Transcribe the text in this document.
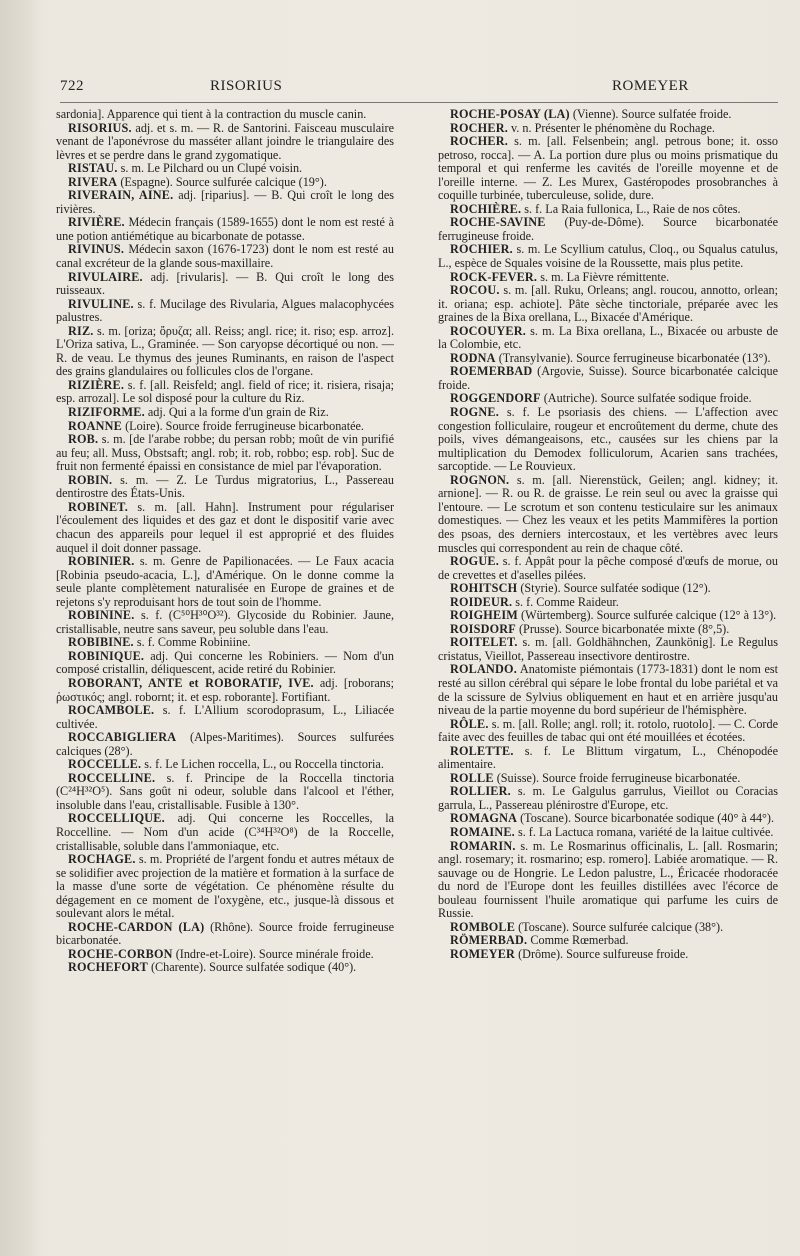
722	RISORIUS	ROMEYER

sardonia]. Apparence qui tient à la contraction du muscle canin.

RISORIUS. adj. et s. m. — R. de Santorini. Faisceau musculaire venant de l'aponévrose du masséter allant joindre le triangulaire des lèvres et se perdre dans le grand zygomatique.

RISTAU. s. m. Le Pilchard ou un Clupé voisin.

RIVERA (Espagne). Source sulfurée calcique (19°).

RIVERAIN, AINE. adj. [riparius]. — B. Qui croît le long des rivières.

RIVIÈRE. Médecin français (1589-1655) dont le nom est resté à une potion antiémétique au bicarbonate de potasse.

RIVINUS. Médecin saxon (1676-1723) dont le nom est resté au canal excréteur de la glande sous-maxillaire.

RIVULAIRE. adj. [rivularis]. — B. Qui croît le long des ruisseaux.

RIVULINE. s. f. Mucilage des Rivularia, Algues malacophycées palustres.

RIZ. s. m. [oriza; ὄρυζα; all. Reiss; angl. rice; it. riso; esp. arroz]. L'Oriza sativa, L., Graminée. — Son caryopse décortiqué ou non. — R. de veau. Le thymus des jeunes Ruminants, en raison de l'aspect des grains glandulaires ou follicules clos de l'organe.

RIZIÈRE. s. f. [all. Reisfeld; angl. field of rice; it. risiera, risaja; esp. arrozal]. Le sol disposé pour la culture du Riz.

RIZIFORME. adj. Qui a la forme d'un grain de Riz.

ROANNE (Loire). Source froide ferrugineuse bicarbonatée.

ROB. s. m. [de l'arabe robbe; du persan robb; moût de vin purifié au feu; all. Muss, Obstsaft; angl. rob; it. rob, robbo; esp. rob]. Suc de fruit non fermenté épaissi en consistance de miel par l'évaporation.

ROBIN. s. m. — Z. Le Turdus migratorius, L., Passereau dentirostre des États-Unis.

ROBINET. s. m. [all. Hahn]. Instrument pour régulariser l'écoulement des liquides et des gaz et dont le dispositif varie avec chacun des appareils pour lequel il est approprié et des fluides auquel il doit donner passage.

ROBINIER. s. m. Genre de Papilionacées. — Le Faux acacia [Robinia pseudo-acacia, L.], d'Amérique. On le donne comme la seule plante complètement naturalisée en Europe de graines et de rejetons s'y reproduisant hors de tout soin de l'homme.

ROBININE. s. f. (C⁵⁰H³⁰O³²). Glycoside du Robinier. Jaune, cristallisable, neutre sans saveur, peu soluble dans l'eau.

ROBIBINE. s. f. Comme Robiniine.

ROBINIQUE. adj. Qui concerne les Robiniers. — Nom d'un composé cristallin, déliquescent, acide retiré du Robinier.

ROBORANT, ANTE et ROBORATIF, IVE. adj. [roborans; ῥωστικός; angl. robornt; it. et esp. roborante]. Fortifiant.

ROCAMBOLE. s. f. L'Allium scorodoprasum, L., Liliacée cultivée.

ROCCABIGLIERA (Alpes-Maritimes). Sources sulfurées calciques (28°).

ROCCELLE. s. f. Le Lichen roccella, L., ou Roccella tinctoria.

ROCCELLINE. s. f. Principe de la Roccella tinctoria (C²⁴H³²O⁵). Sans goût ni odeur, soluble dans l'alcool et l'éther, insoluble dans l'eau, cristallisable. Fusible à 130°.

ROCCELLIQUE. adj. Qui concerne les Roccelles, la Roccelline. — Nom d'un acide (C³⁴H³²O⁸) de la Roccelle, cristallisable, soluble dans l'ammoniaque, etc.

ROCHAGE. s. m. Propriété de l'argent fondu et autres métaux de se solidifier avec projection de la matière et formation à la surface de la masse d'une sorte de végétation. Ce phénomène résulte du dégagement en ce moment de l'oxygène, etc., jusque-là dissous et soulevant alors le métal.

ROCHE-CARDON (LA) (Rhône). Source froide ferrugineuse bicarbonatée.

ROCHE-CORBON (Indre-et-Loire). Source minérale froide.

ROCHEFORT (Charente). Source sulfatée sodique (40°).

ROCHE-POSAY (LA) (Vienne). Source sulfatée froide.

ROCHER. v. n. Présenter le phénomène du Rochage.

ROCHER. s. m. [all. Felsenbein; angl. petrous bone; it. osso petroso, rocca]. — A. La portion dure plus ou moins prismatique du temporal et qui renferme les cavités de l'oreille moyenne et de l'oreille interne. — Z. Les Murex, Gastéropodes prosobranches à coquille turbinée, tuberculeuse, solide, dure.

ROCHIÈRE. s. f. La Raia fullonica, L., Raie de nos côtes.

ROCHE-SAVINE (Puy-de-Dôme). Source bicarbonatée ferrugineuse froide.

ROCHIER. s. m. Le Scyllium catulus, Cloq., ou Squalus catulus, L., espèce de Squales voisine de la Roussette, mais plus petite.

ROCK-FEVER. s. m. La Fièvre rémittente.

ROCOU. s. m. [all. Ruku, Orleans; angl. roucou, annotto, orlean; it. oriana; esp. achiote]. Pâte sèche tinctoriale, préparée avec les graines de la Bixa orellana, L., Bixacée d'Amérique.

ROCOUYER. s. m. La Bixa orellana, L., Bixacée ou arbuste de la Colombie, etc.

RODNA (Transylvanie). Source ferrugineuse bicarbonatée (13°).

ROEMERBAD (Argovie, Suisse). Source bicarbonatée calcique froide.

ROGGENDORF (Autriche). Source sulfatée sodique froide.

ROGNE. s. f. Le psoriasis des chiens. — L'affection avec congestion folliculaire, rougeur et encroûtement du derme, chute des poils, vives démangeaisons, etc., causées sur les chiens par la multiplication du Demodex folliculorum, Acarien sans trachées, sarcoptide. — Le Rouvieux.

ROGNON. s. m. [all. Nierenstück, Geilen; angl. kidney; it. arnione]. — R. ou R. de graisse. Le rein seul ou avec la graisse qui l'entoure. — Le scrotum et son contenu testiculaire sur les animaux domestiques. — Chez les veaux et les petits Mammifères la portion des psoas, des derniers intercostaux, et les vertèbres avec leurs muscles qui correspondent au rein de chaque côté.

ROGUE. s. f. Appât pour la pêche composé d'œufs de morue, ou de crevettes et d'aselles pilées.

ROHITSCH (Styrie). Source sulfatée sodique (12°).

ROIDEUR. s. f. Comme Raideur.

ROIGHEIM (Würtemberg). Source sulfurée calcique (12° à 13°).

ROISDORF (Prusse). Source bicarbonatée mixte (8°,5).

ROITELET. s. m. [all. Goldhähnchen, Zaunkönig]. Le Regulus cristatus, Vieillot, Passereau insectivore dentirostre.

ROLANDO. Anatomiste piémontais (1773-1831) dont le nom est resté au sillon cérébral qui sépare le lobe frontal du lobe pariétal et va de la scissure de Sylvius obliquement en haut et en arrière jusqu'au niveau de la partie moyenne du bord supérieur de l'hémisphère.

RÔLE. s. m. [all. Rolle; angl. roll; it. rotolo, ruotolo]. — C. Corde faite avec des feuilles de tabac qui ont été mouillées et écotées.

ROLETTE. s. f. Le Blittum virgatum, L., Chénopodée alimentaire.

ROLLE (Suisse). Source froide ferrugineuse bicarbonatée.

ROLLIER. s. m. Le Galgulus garrulus, Vieillot ou Coracias garrula, L., Passereau plénirostre d'Europe, etc.

ROMAGNA (Toscane). Source bicarbonatée sodique (40° à 44°).

ROMAINE. s. f. La Lactuca romana, variété de la laitue cultivée.

ROMARIN. s. m. Le Rosmarinus officinalis, L. [all. Rosmarin; angl. rosemary; it. rosmarino; esp. romero]. Labiée aromatique. — R. sauvage ou de Hongrie. Le Ledon palustre, L., Éricacée rhodoracée du nord de l'Europe dont les feuilles distillées avec l'écorce de bouleau fournissent l'huile aromatique qui parfume les cuirs de Russie.

ROMBOLE (Toscane). Source sulfurée calcique (38°).

RÖMERBAD. Comme Rœmerbad.

ROMEYER (Drôme). Source sulfureuse froide.
